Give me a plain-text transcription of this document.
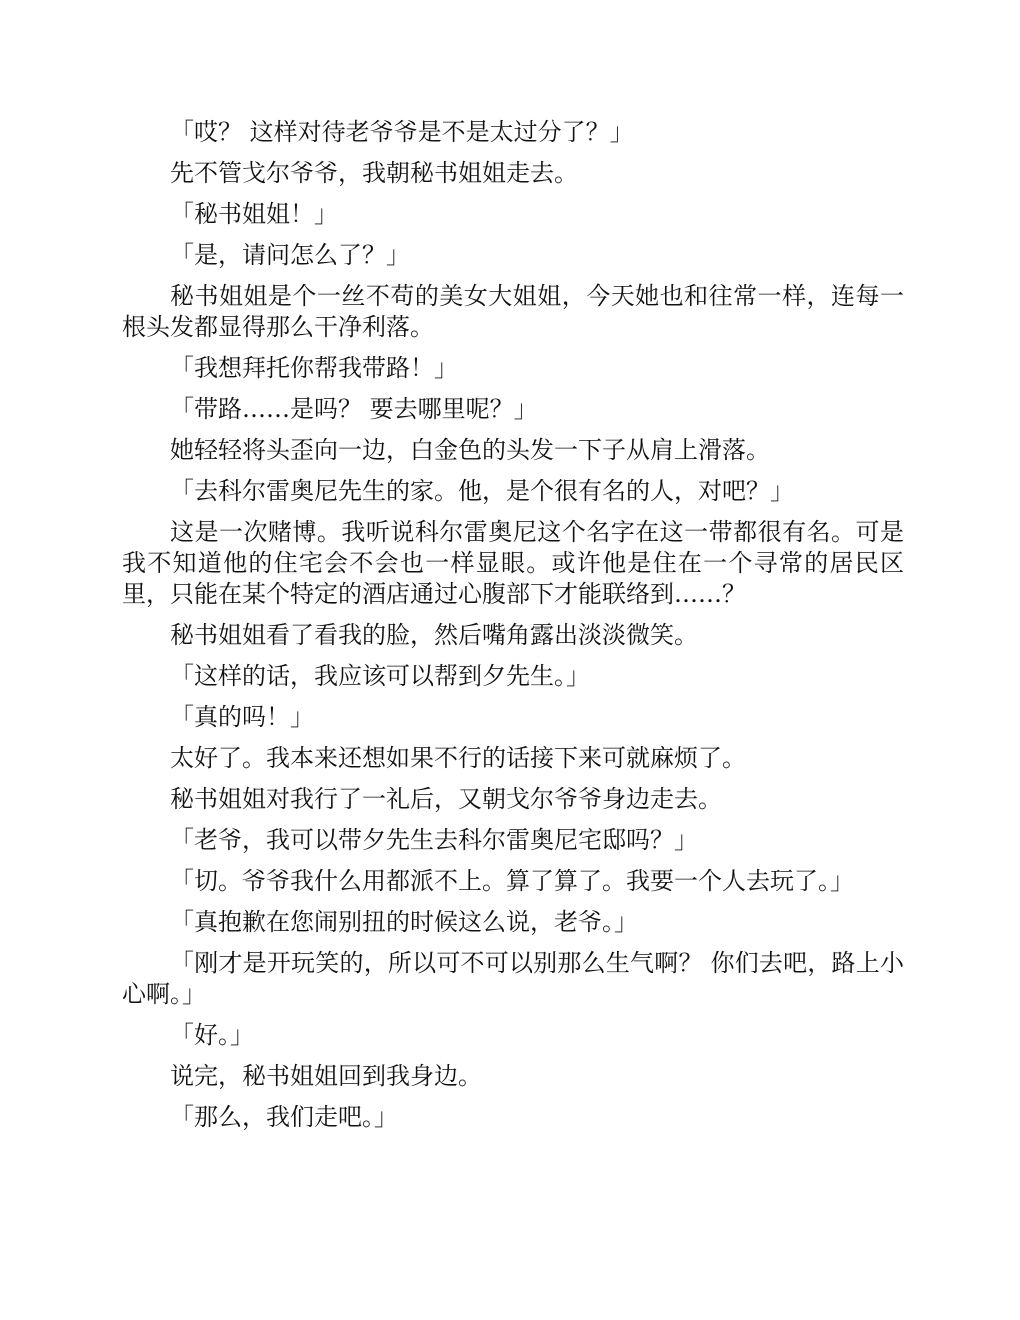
「哎？ 这样对待老爷爷是不是太过分了？」

先不管戈尔爷爷，我朝秘书姐姐走去。

「秘书姐姐！」

「是，请问怎么了？」

秘书姐姐是个一丝不苟的美女大姐姐，今天她也和往常一样，连每一根头发都显得那么干净利落。

「我想拜托你帮我带路！」

「带路……是吗？ 要去哪里呢？」

她轻轻将头歪向一边，白金色的头发一下子从肩上滑落。

「去科尔雷奥尼先生的家。他，是个很有名的人，对吧？」

这是一次赌博。我听说科尔雷奥尼这个名字在这一带都很有名。可是我不知道他的住宅会不会也一样显眼。或许他是住在一个寻常的居民区里，只能在某个特定的酒店通过心腹部下才能联络到……？

秘书姐姐看了看我的脸，然后嘴角露出淡淡微笑。

「这样的话，我应该可以帮到夕先生。」

「真的吗！」

太好了。我本来还想如果不行的话接下来可就麻烦了。

秘书姐姐对我行了一礼后，又朝戈尔爷爷身边走去。

「老爷，我可以带夕先生去科尔雷奥尼宅邸吗？」

「切。爷爷我什么用都派不上。算了算了。我要一个人去玩了。」

「真抱歉在您闹别扭的时候这么说，老爷。」

「刚才是开玩笑的，所以可不可以别那么生气啊？ 你们去吧，路上小心啊。」

「好。」

说完，秘书姐姐回到我身边。

「那么，我们走吧。」
